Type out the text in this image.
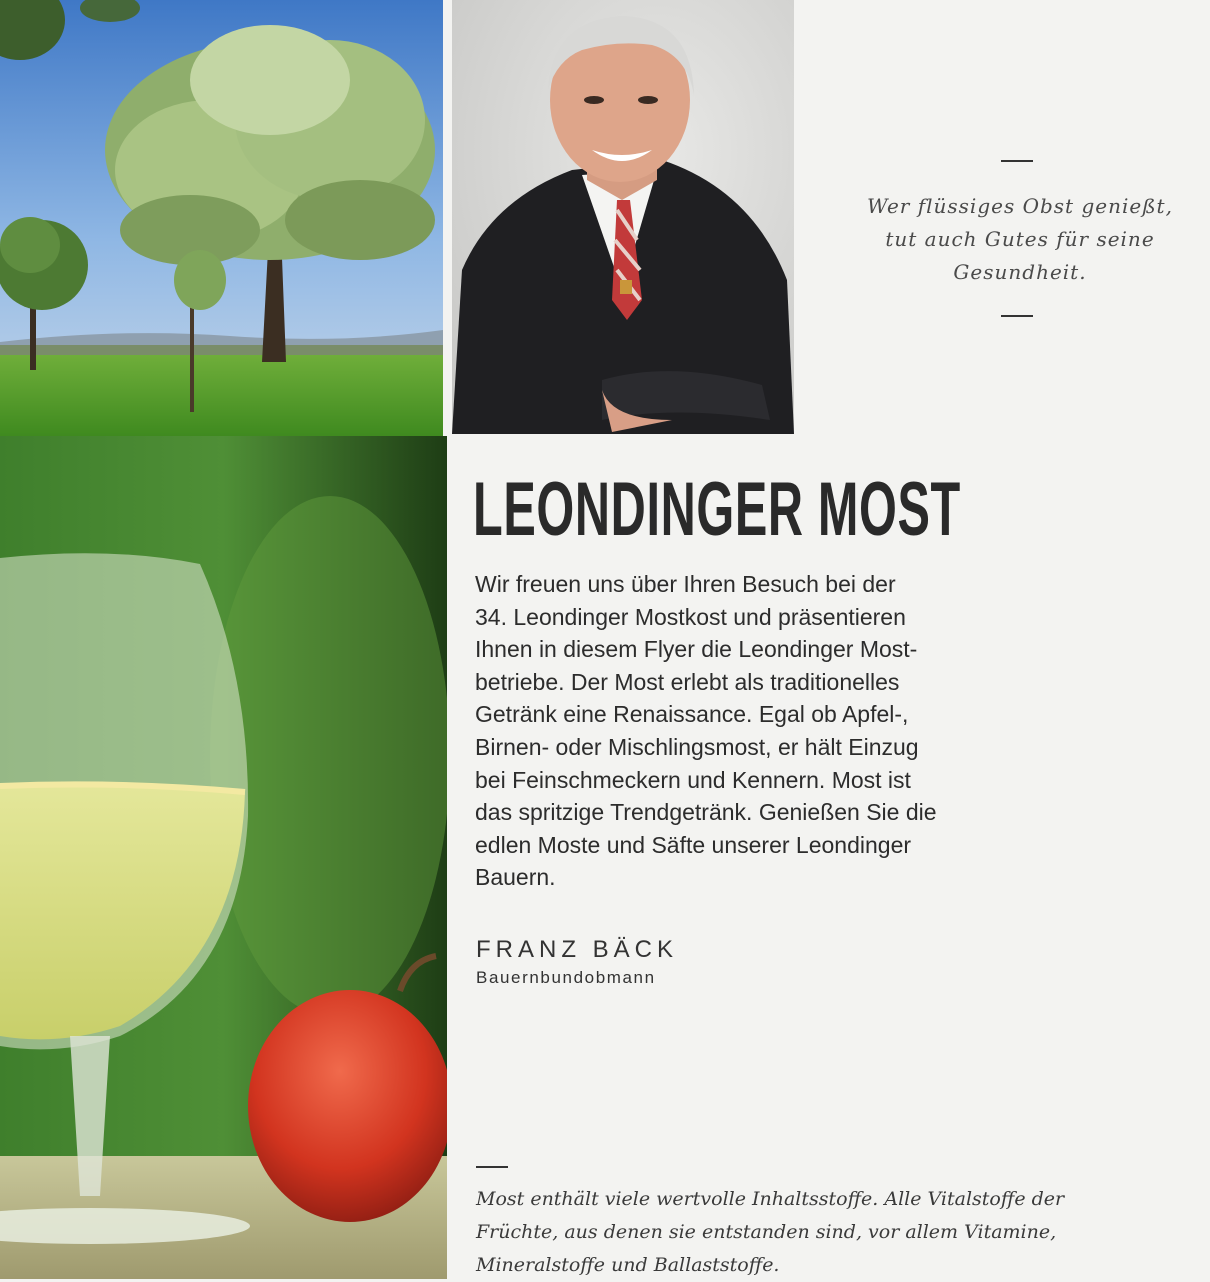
Wer flüssiges Obst genießt,
tut auch Gutes für seine
Gesundheit.
LEONDINGER MOST
Wir freuen uns über Ihren Besuch bei der
34. Leondinger Mostkost und präsentieren
Ihnen in diesem Flyer die Leondinger Most-
betriebe. Der Most erlebt als traditionelles
Getränk eine Renaissance. Egal ob Apfel-,
Birnen- oder Mischlingsmost, er hält Einzug
bei Feinschmeckern und Kennern. Most ist
das spritzige Trendgetränk. Genießen Sie die
edlen Moste und Säfte unserer Leondinger
Bauern.
FRANZ BÄCK
Bauernbundobmann
Most enthält viele wertvolle Inhaltsstoffe. Alle Vitalstoffe der
Früchte, aus denen sie entstanden sind, vor allem Vitamine,
Mineralstoffe und Ballaststoffe.
